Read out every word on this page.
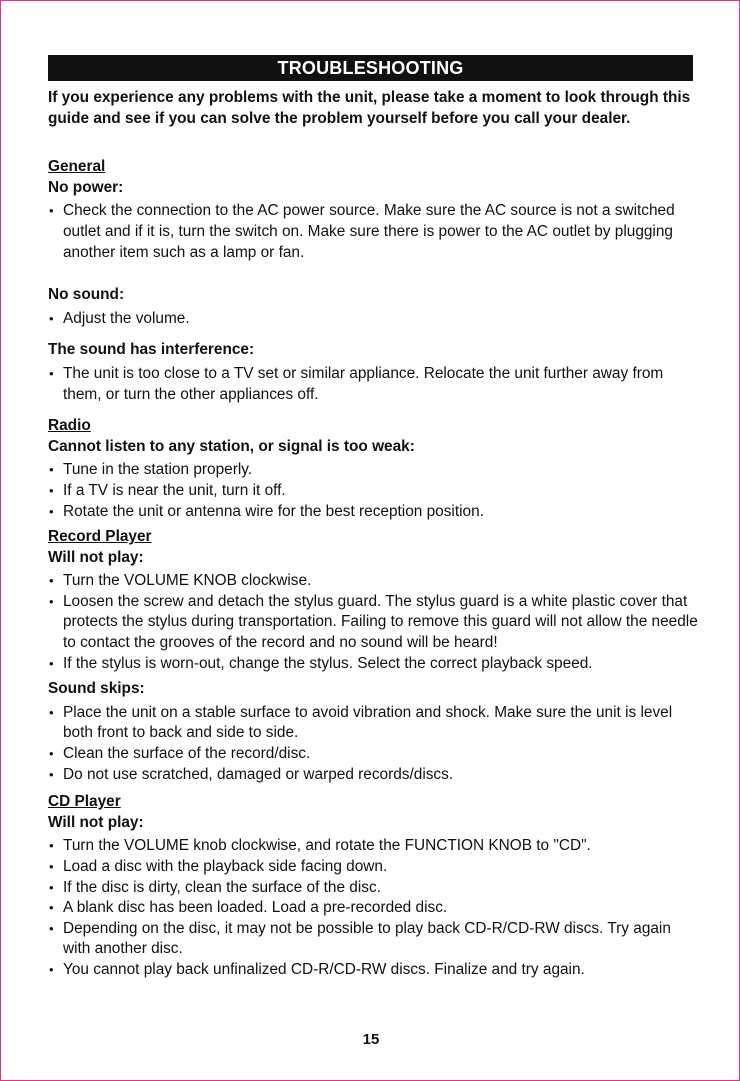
TROUBLESHOOTING

If you experience any problems with the unit, please take a moment to look through this guide and see if you can solve the problem yourself before you call your dealer.

General

No power:

• Check the connection to the AC power source. Make sure the AC source is not a switched outlet and if it is, turn the switch on. Make sure there is power to the AC outlet by plugging another item such as a lamp or fan.

No sound:

• Adjust the volume.

The sound has interference:

• The unit is too close to a TV set or similar appliance. Relocate the unit further away from them, or turn the other appliances off.

Radio

Cannot listen to any station, or signal is too weak:

• Tune in the station properly.
• If a TV is near the unit, turn it off.
• Rotate the unit or antenna wire for the best reception position.

Record Player

Will not play:

• Turn the VOLUME KNOB clockwise.
• Loosen the screw and detach the stylus guard. The stylus guard is a white plastic cover that protects the stylus during transportation. Failing to remove this guard will not allow the needle to contact the grooves of the record and no sound will be heard!
• If the stylus is worn-out, change the stylus. Select the correct playback speed.

Sound skips:

• Place the unit on a stable surface to avoid vibration and shock. Make sure the unit is level both front to back and side to side.
• Clean the surface of the record/disc.
• Do not use scratched, damaged or warped records/discs.

CD Player

Will not play:

• Turn the VOLUME knob clockwise, and rotate the FUNCTION KNOB to "CD".
• Load a disc with the playback side facing down.
• If the disc is dirty, clean the surface of the disc.
• A blank disc has been loaded. Load a pre-recorded disc.
• Depending on the disc, it may not be possible to play back CD-R/CD-RW discs. Try again with another disc.
• You cannot play back unfinalized CD-R/CD-RW discs. Finalize and try again.
15
